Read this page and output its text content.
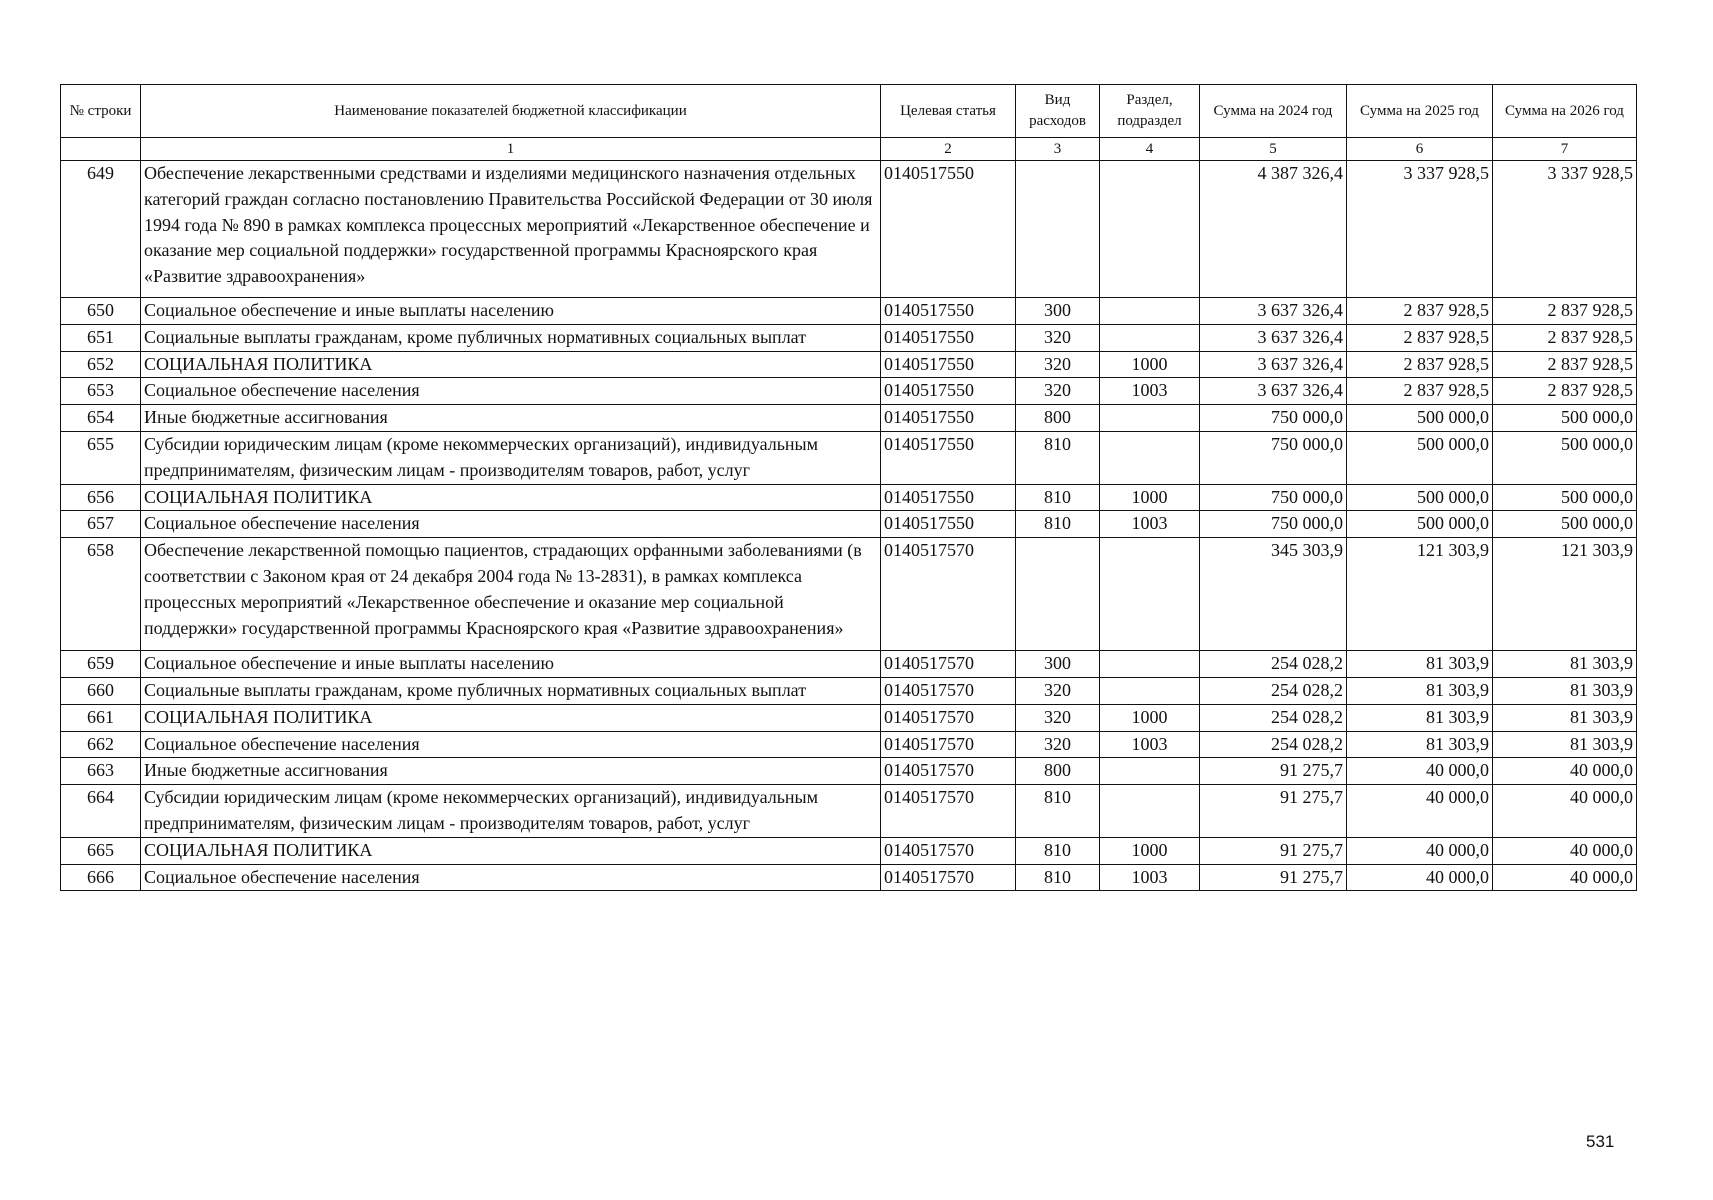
№ строки	Наименование показателей бюджетной классификации	Целевая статья	Вид расходов	Раздел, подраздел	Сумма на 2024 год	Сумма на 2025 год	Сумма на 2026 год
	1	2	3	4	5	6	7
649	Обеспечение лекарственными средствами и изделиями медицинского назначения отдельных категорий граждан согласно постановлению Правительства Российской Федерации от 30 июля 1994 года № 890 в рамках комплекса процессных мероприятий «Лекарственное обеспечение и оказание мер социальной поддержки» государственной программы Красноярского края «Развитие здравоохранения»	0140517550			4 387 326,4	3 337 928,5	3 337 928,5
650	Социальное обеспечение и иные выплаты населению	0140517550	300		3 637 326,4	2 837 928,5	2 837 928,5
651	Социальные выплаты гражданам, кроме публичных нормативных социальных выплат	0140517550	320		3 637 326,4	2 837 928,5	2 837 928,5
652	СОЦИАЛЬНАЯ ПОЛИТИКА	0140517550	320	1000	3 637 326,4	2 837 928,5	2 837 928,5
653	Социальное обеспечение населения	0140517550	320	1003	3 637 326,4	2 837 928,5	2 837 928,5
654	Иные бюджетные ассигнования	0140517550	800		750 000,0	500 000,0	500 000,0
655	Субсидии юридическим лицам (кроме некоммерческих организаций), индивидуальным предпринимателям, физическим лицам - производителям товаров, работ, услуг	0140517550	810		750 000,0	500 000,0	500 000,0
656	СОЦИАЛЬНАЯ ПОЛИТИКА	0140517550	810	1000	750 000,0	500 000,0	500 000,0
657	Социальное обеспечение населения	0140517550	810	1003	750 000,0	500 000,0	500 000,0
658	Обеспечение лекарственной помощью пациентов, страдающих орфанными заболеваниями (в соответствии с Законом края от 24 декабря 2004 года № 13-2831), в рамках комплекса процессных мероприятий «Лекарственное обеспечение и оказание мер социальной поддержки» государственной программы Красноярского края «Развитие здравоохранения»	0140517570			345 303,9	121 303,9	121 303,9
659	Социальное обеспечение и иные выплаты населению	0140517570	300		254 028,2	81 303,9	81 303,9
660	Социальные выплаты гражданам, кроме публичных нормативных социальных выплат	0140517570	320		254 028,2	81 303,9	81 303,9
661	СОЦИАЛЬНАЯ ПОЛИТИКА	0140517570	320	1000	254 028,2	81 303,9	81 303,9
662	Социальное обеспечение населения	0140517570	320	1003	254 028,2	81 303,9	81 303,9
663	Иные бюджетные ассигнования	0140517570	800		91 275,7	40 000,0	40 000,0
664	Субсидии юридическим лицам (кроме некоммерческих организаций), индивидуальным предпринимателям, физическим лицам - производителям товаров, работ, услуг	0140517570	810		91 275,7	40 000,0	40 000,0
665	СОЦИАЛЬНАЯ ПОЛИТИКА	0140517570	810	1000	91 275,7	40 000,0	40 000,0
666	Социальное обеспечение населения	0140517570	810	1003	91 275,7	40 000,0	40 000,0
531
